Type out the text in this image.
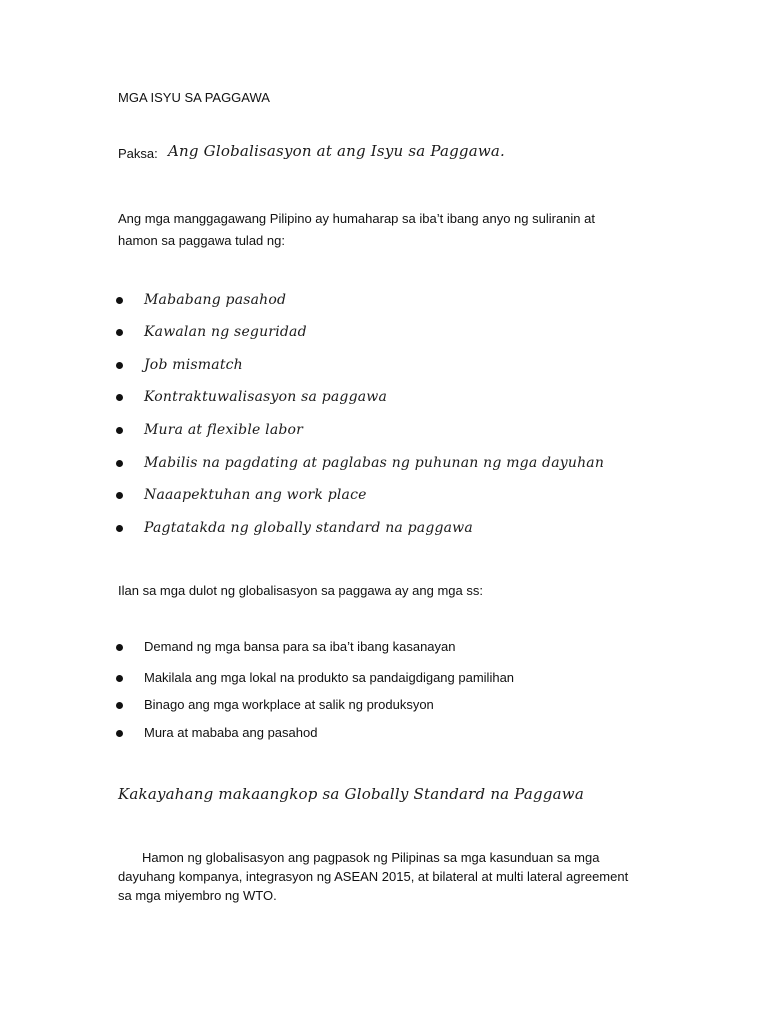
MGA ISYU SA PAGGAWA
Paksa: Ang Globalisasyon at ang Isyu sa Paggawa.
Ang mga manggagawang Pilipino ay humaharap sa iba’t ibang anyo ng suliranin at hamon sa paggawa tulad ng:
Mababang pasahod
Kawalan ng seguridad
Job mismatch
Kontraktuwalisasyon sa paggawa
Mura at flexible labor
Mabilis na pagdating at paglabas ng puhunan ng mga dayuhan
Naaapektuhan ang work place
Pagtatakda ng globally standard na paggawa
Ilan sa mga dulot ng globalisasyon sa paggawa ay ang mga ss:
Demand ng mga bansa para sa iba’t ibang kasanayan
Makilala ang mga lokal na produkto sa pandaigdigang pamilihan
Binago ang mga workplace at salik ng produksyon
Mura at mababa ang pasahod
Kakayahang makaangkop sa Globally Standard na Paggawa
Hamon ng globalisasyon ang pagpasok ng Pilipinas sa mga kasunduan sa mga dayuhang kompanya, integrasyon ng ASEAN 2015, at bilateral at multi lateral agreement sa mga miyembro ng WTO.
